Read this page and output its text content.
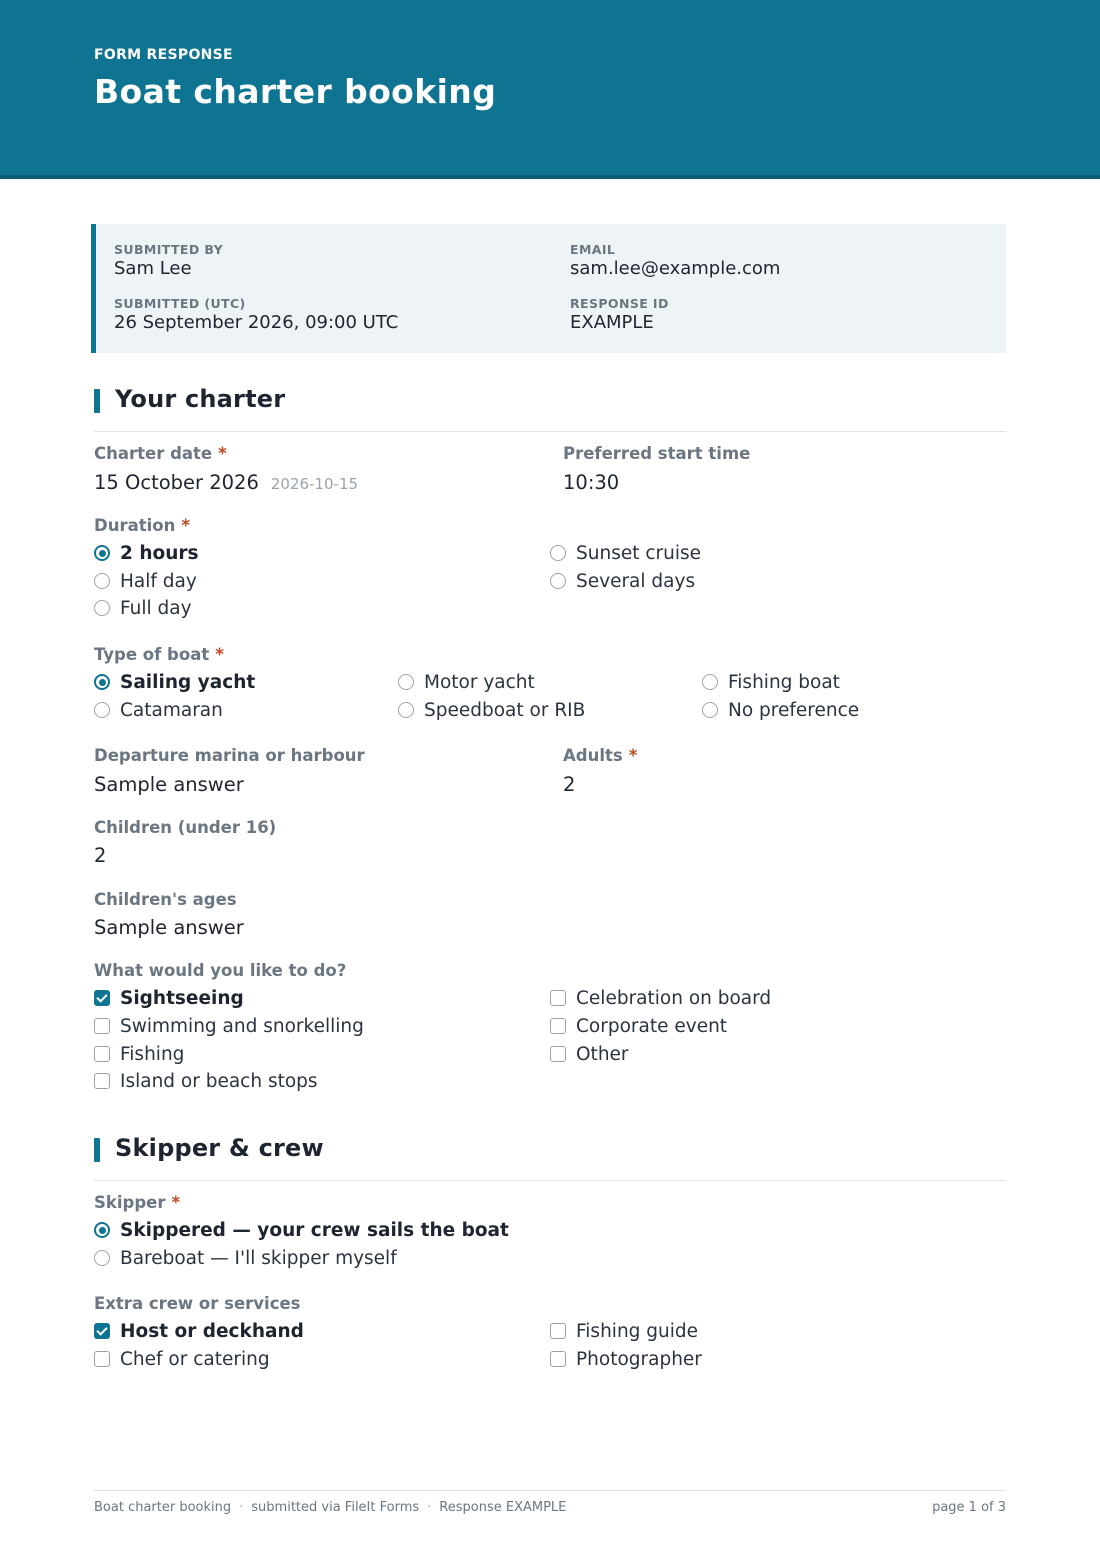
FORM RESPONSE
Boat charter booking
SUBMITTED BY
Sam Lee
EMAIL
sam.lee@example.com
SUBMITTED (UTC)
26 September 2026, 09:00 UTC
RESPONSE ID
EXAMPLE
Your charter
Charter date *
15 October 2026 2026-10-15
Preferred start time
10:30
Duration *
2 hours
Half day
Full day
Sunset cruise
Several days
Type of boat *
Sailing yacht
Catamaran
Motor yacht
Speedboat or RIB
Fishing boat
No preference
Departure marina or harbour
Sample answer
Adults *
2
Children (under 16)
2
Children's ages
Sample answer
What would you like to do?
Sightseeing
Swimming and snorkelling
Fishing
Island or beach stops
Celebration on board
Corporate event
Other
Skipper & crew
Skipper *
Skippered — your crew sails the boat
Bareboat — I'll skipper myself
Extra crew or services
Host or deckhand
Chef or catering
Fishing guide
Photographer
Boat charter booking · submitted via FileIt Forms · Response EXAMPLE	page 1 of 3
